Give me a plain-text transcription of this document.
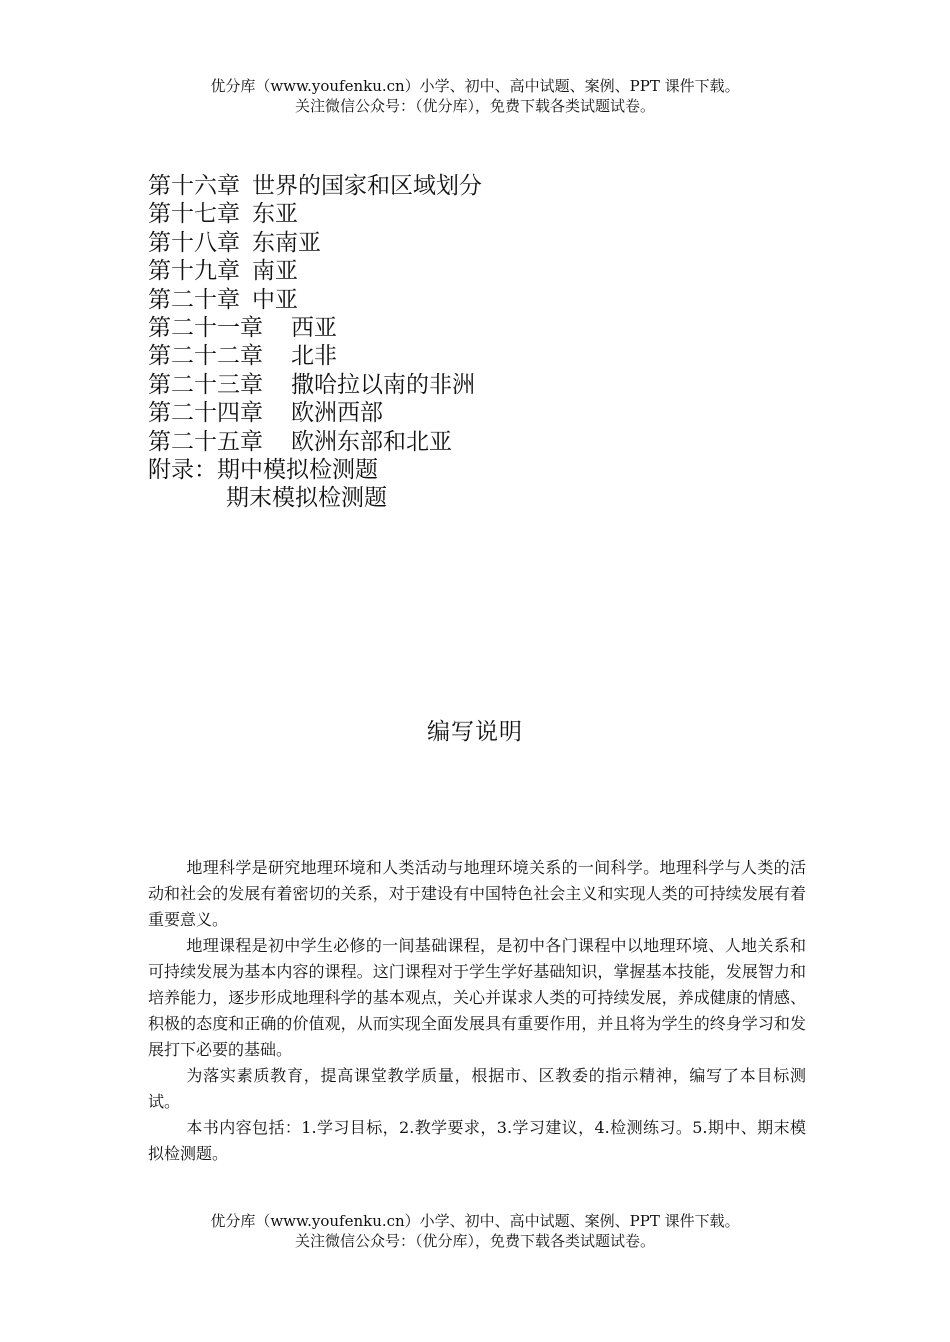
优分库（www.youfenku.cn）小学、初中、高中试题、案例、PPT 课件下载。
关注微信公众号：（优分库），免费下载各类试题试卷。
第十六章 世界的国家和区域划分
第十七章 东亚
第十八章 东南亚
第十九章 南亚
第二十章 中亚
第二十一章 西亚
第二十二章 北非
第二十三章 撒哈拉以南的非洲
第二十四章 欧洲西部
第二十五章 欧洲东部和北亚
附录：期中模拟检测题
期末模拟检测题
编写说明

地理科学是研究地理环境和人类活动与地理环境关系的一间科学。地理科学与人类的活动和社会的发展有着密切的关系，对于建设有中国特色社会主义和实现人类的可持续发展有着重要意义。

地理课程是初中学生必修的一间基础课程，是初中各门课程中以地理环境、人地关系和可持续发展为基本内容的课程。这门课程对于学生学好基础知识，掌握基本技能，发展智力和培养能力，逐步形成地理科学的基本观点，关心并谋求人类的可持续发展，养成健康的情感、积极的态度和正确的价值观，从而实现全面发展具有重要作用，并且将为学生的终身学习和发展打下必要的基础。

为落实素质教育，提高课堂教学质量，根据市、区教委的指示精神，编写了本目标测试。

本书内容包括：1.学习目标，2.教学要求，3.学习建议，4.检测练习。5.期中、期末模拟检测题。

优分库（www.youfenku.cn）小学、初中、高中试题、案例、PPT 课件下载。
关注微信公众号：（优分库），免费下载各类试题试卷。
